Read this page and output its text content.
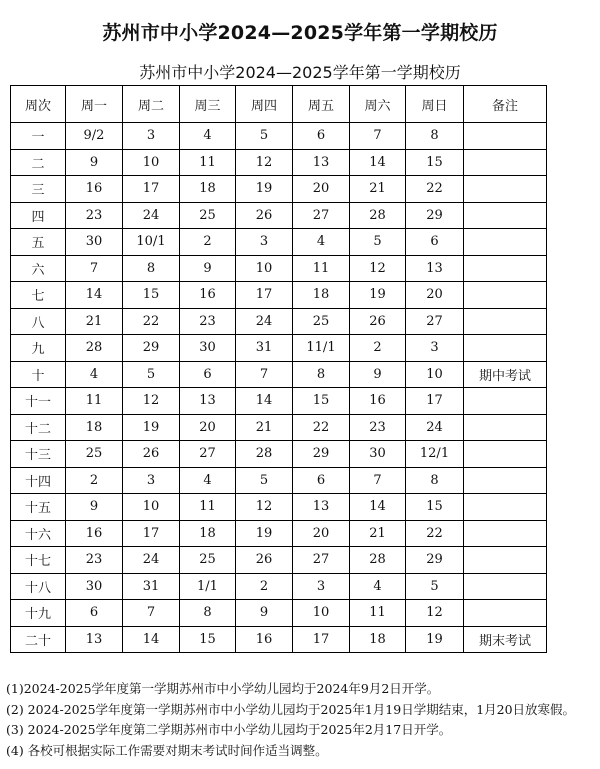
苏州市中小学2024—2025学年第一学期校历
苏州市中小学2024—2025学年第一学期校历
周次	周一	周二	周三	周四	周五	周六	周日	备注
一	9/2	3	4	5	6	7	8	
二	9	10	11	12	13	14	15	
三	16	17	18	19	20	21	22	
四	23	24	25	26	27	28	29	
五	30	10/1	2	3	4	5	6	
六	7	8	9	10	11	12	13	
七	14	15	16	17	18	19	20	
八	21	22	23	24	25	26	27	
九	28	29	30	31	11/1	2	3	
十	4	5	6	7	8	9	10	期中考试
十一	11	12	13	14	15	16	17	
十二	18	19	20	21	22	23	24	
十三	25	26	27	28	29	30	12/1	
十四	2	3	4	5	6	7	8	
十五	9	10	11	12	13	14	15	
十六	16	17	18	19	20	21	22	
十七	23	24	25	26	27	28	29	
十八	30	31	1/1	2	3	4	5	
十九	6	7	8	9	10	11	12	
二十	13	14	15	16	17	18	19	期末考试
(1)2024-2025学年度第一学期苏州市中小学幼儿园均于2024年9月2日开学。
(2) 2024-2025学年度第一学期苏州市中小学幼儿园均于2025年1月19日学期结束，1月20日放寒假。
(3) 2024-2025学年度第二学期苏州市中小学幼儿园均于2025年2月17日开学。
(4) 各校可根据实际工作需要对期末考试时间作适当调整。
